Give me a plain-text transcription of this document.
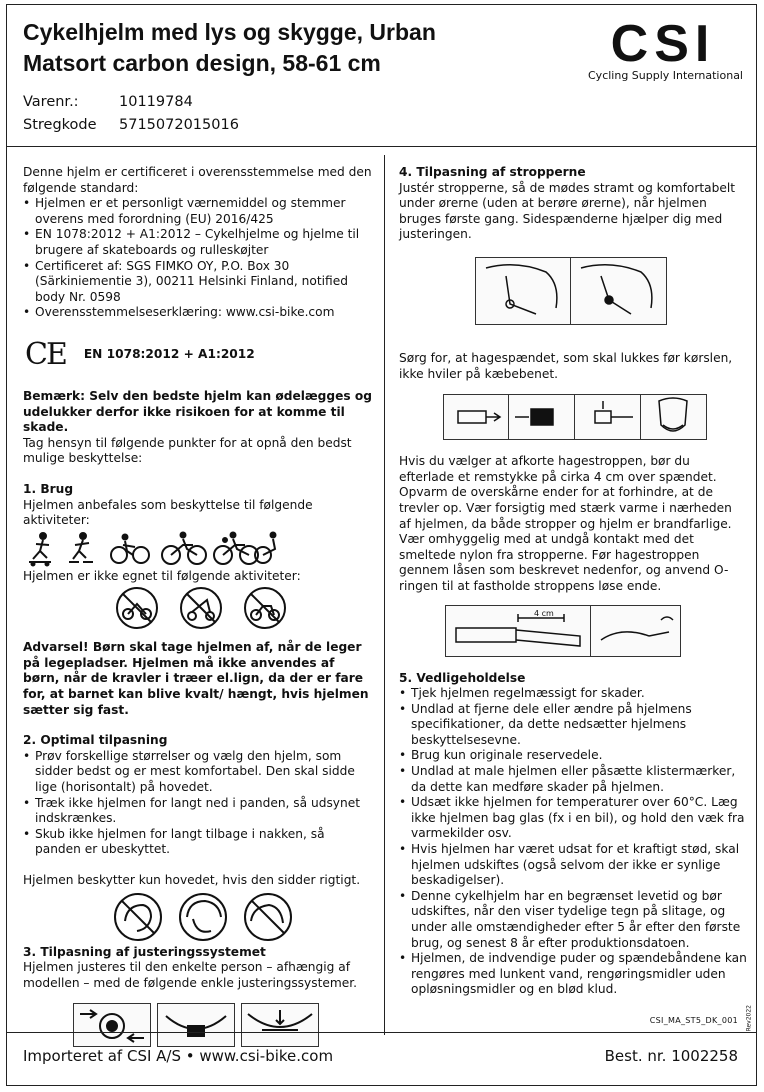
Cykelhjelm med lys og skygge, Urban
Matsort carbon design, 58-61 cm
Varenr.:	10119784
Stregkode 5715072015016
CSI
Cycling Supply International

Denne hjelm er certificeret i overensstemmelse med den følgende standard:

• Hjelmen er et personligt værnemiddel og stemmer overens med forordning (EU) 2016/425
• EN 1078:2012 + A1:2012 – Cykelhjelme og hjelme til brugere af skateboards og rulleskøjter
• Certificeret af: SGS FIMKO OY, P.O. Box 30 (Särkiniementie 3), 00211 Helsinki Finland, notified body Nr. 0598
• Overensstemmelseserklæring: www.csi-bike.com
CE EN 1078:2012 + A1:2012

Bemærk: Selv den bedste hjelm kan ødelægges og udelukker derfor ikke risikoen for at komme til skade.

Tag hensyn til følgende punkter for at opnå den bedst mulige beskyttelse:

1. Brug

Hjelmen anbefales som beskyttelse til følgende aktiviteter:

Hjelmen er ikke egnet til følgende aktiviteter:

Advarsel! Børn skal tage hjelmen af, når de leger på legepladser. Hjelmen må ikke anvendes af børn, når de kravler i træer el.lign, da der er fare for, at barnet kan blive kvalt/ hængt, hvis hjelmen sætter sig fast.

2. Optimal tilpasning

• Prøv forskellige størrelser og vælg den hjelm, som sidder bedst og er mest komfortabel. Den skal sidde lige (horisontalt) på hovedet.
• Træk ikke hjelmen for langt ned i panden, så udsynet indskrænkes.
• Skub ikke hjelmen for langt tilbage i nakken, så panden er ubeskyttet.

Hjelmen beskytter kun hovedet, hvis den sidder rigtigt.

3. Tilpasning af justeringssystemet

Hjelmen justeres til den enkelte person – afhængig af modellen – med de følgende enkle justeringssystemer.

4. Tilpasning af stropperne

Justér stropperne, så de mødes stramt og komfortabelt under ørerne (uden at berøre ørerne), når hjelmen bruges første gang. Sidespænderne hjælper dig med justeringen.

Sørg for, at hagespændet, som skal lukkes før kørslen, ikke hviler på kæbebenet.

Hvis du vælger at afkorte hagestroppen, bør du efterlade et remstykke på cirka 4 cm over spændet. Opvarm de overskårne ender for at forhindre, at de trevler op. Vær forsigtig med stærk varme i nærheden af hjelmen, da både stropper og hjelm er brandfarlige. Vær omhyggelig med at undgå kontakt med det smeltede nylon fra stropperne. Før hagestroppen gennem låsen som beskrevet nedenfor, og anvend O-ringen til at fastholde stroppens løse ende.

4 cm

5. Vedligeholdelse

• Tjek hjelmen regelmæssigt for skader.
• Undlad at fjerne dele eller ændre på hjelmens specifikationer, da dette nedsætter hjelmens beskyttelsesevne.
• Brug kun originale reservedele.
• Undlad at male hjelmen eller påsætte klistermærker, da dette kan medføre skader på hjelmen.
• Udsæt ikke hjelmen for temperaturer over 60°C. Læg ikke hjelmen bag glas (fx i en bil), og hold den væk fra varmekilder osv.
• Hvis hjelmen har været udsat for et kraftigt stød, skal hjelmen udskiftes (også selvom der ikke er synlige beskadigelser).
• Denne cykelhjelm har en begrænset levetid og bør udskiftes, når den viser tydelige tegn på slitage, og under alle omstændigheder efter 5 år efter den første brug, og senest 8 år efter produktionsdatoen.
• Hjelmen, de indvendige puder og spændebåndene kan rengøres med lunkent vand, rengøringsmidler uden opløsningsmidler og en blød klud.
CSI_MA_ST5_DK_001 Rev2022
Importeret af CSI A/S • www.csi-bike.com	Best. nr. 1002258
